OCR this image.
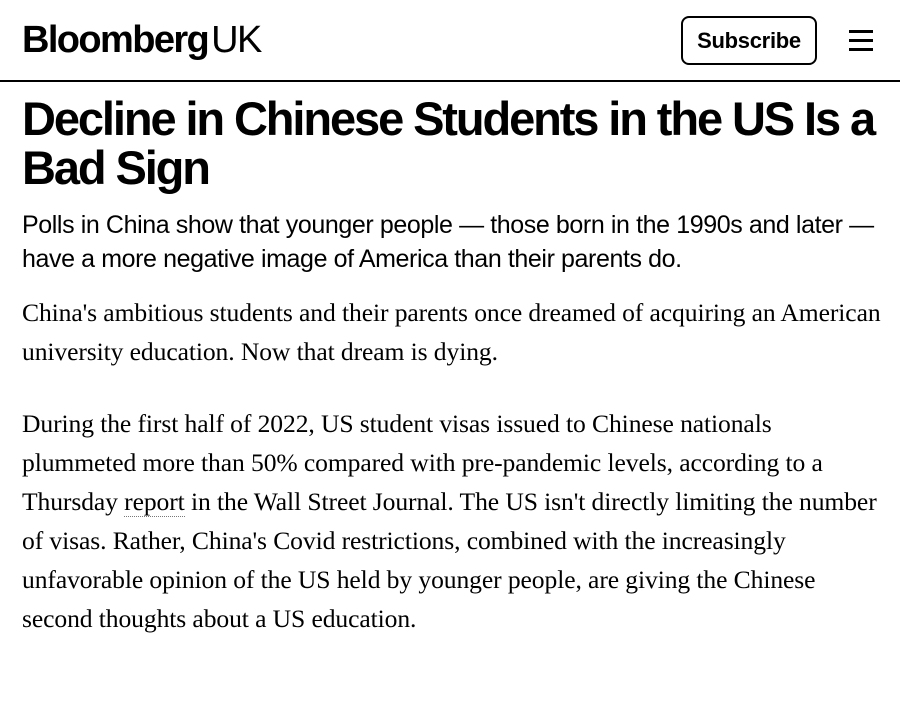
BloombergUK	Subscribe
Decline in Chinese Students in the US Is a Bad Sign

Polls in China show that younger people — those born in the 1990s and later — have a more negative image of America than their parents do.

China's ambitious students and their parents once dreamed of acquiring an American university education. Now that dream is dying.

During the first half of 2022, US student visas issued to Chinese nationals plummeted more than 50% compared with pre-pandemic levels, according to a Thursday report in the Wall Street Journal. The US isn't directly limiting the number of visas. Rather, China's Covid restrictions, combined with the increasingly unfavorable opinion of the US held by younger people, are giving the Chinese second thoughts about a US education.
